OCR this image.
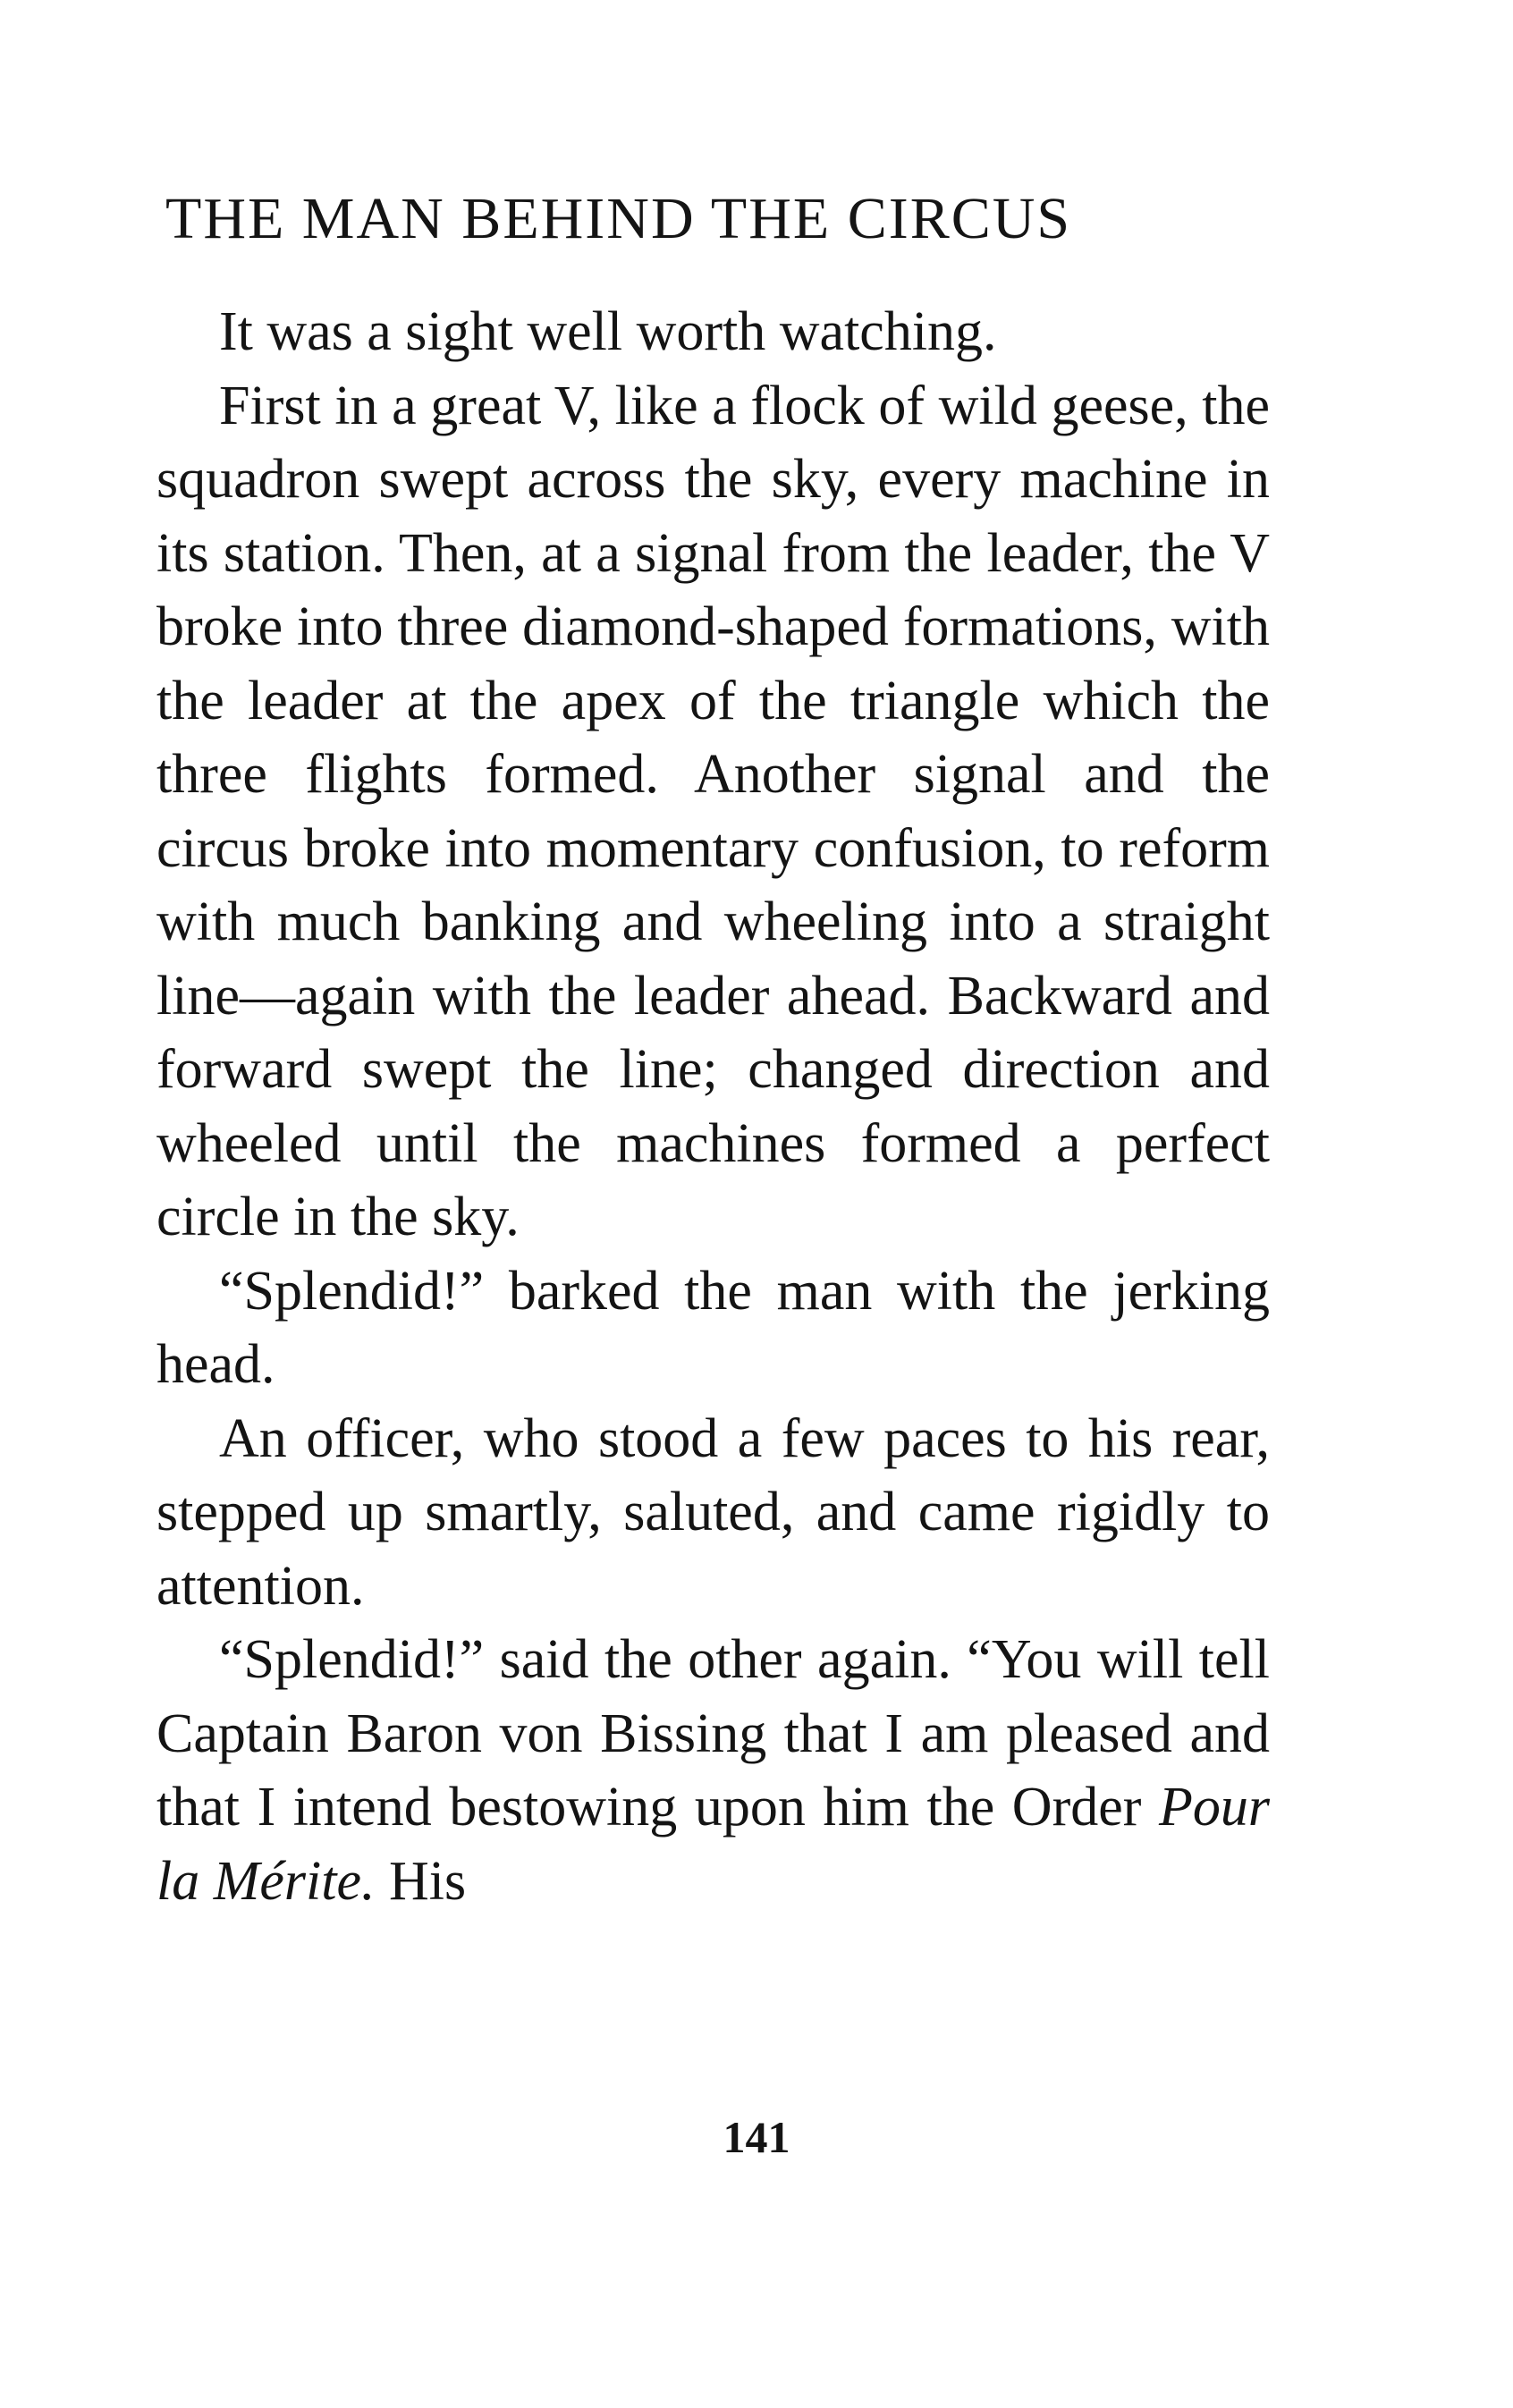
THE MAN BEHIND THE CIRCUS

It was a sight well worth watching.

First in a great V, like a flock of wild geese, the squadron swept across the sky, every machine in its station. Then, at a signal from the leader, the V broke into three diamond-shaped formations, with the leader at the apex of the triangle which the three flights formed. Another signal and the circus broke into momentary confusion, to reform with much banking and wheeling into a straight line—again with the leader ahead. Backward and forward swept the line; changed direction and wheeled until the machines formed a perfect circle in the sky.

“Splendid!” barked the man with the jerking head.

An officer, who stood a few paces to his rear, stepped up smartly, saluted, and came rigidly to attention.

“Splendid!” said the other again. “You will tell Captain Baron von Bissing that I am pleased and that I intend bestowing upon him the Order Pour la Mérite. His

141
